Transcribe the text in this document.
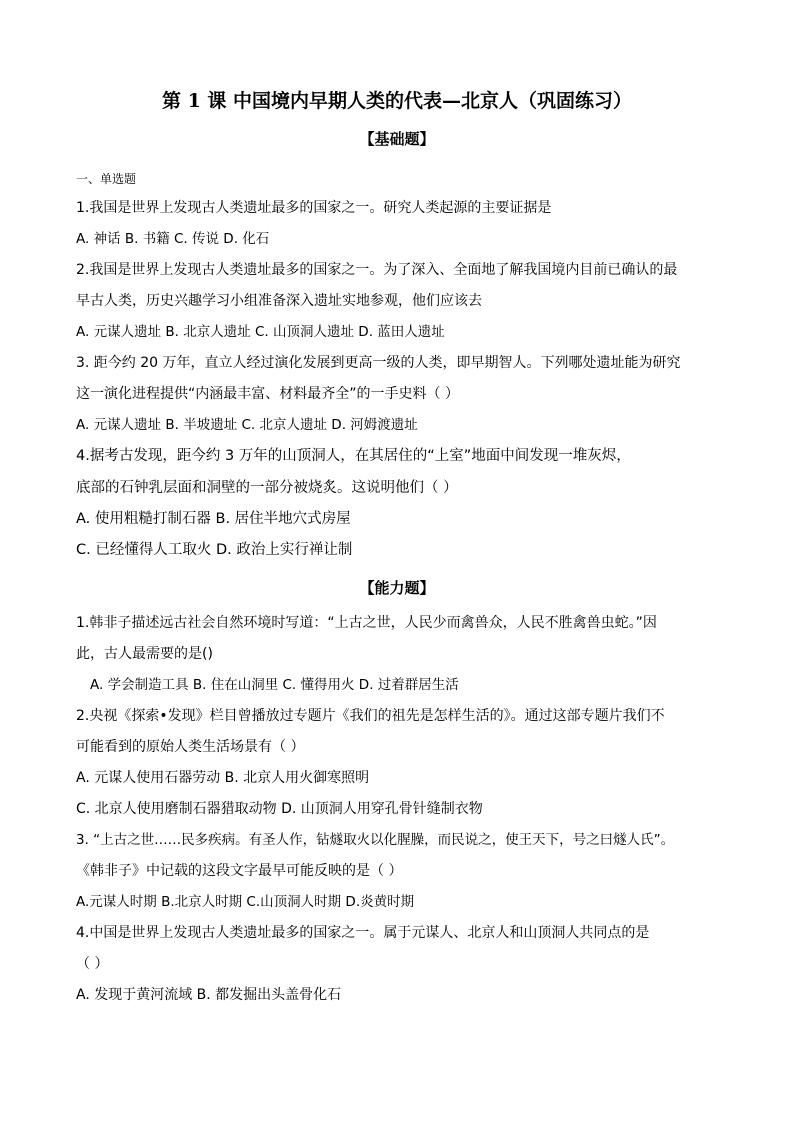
第 1 课 中国境内早期人类的代表—北京人（巩固练习）
【基础题】
一、单选题
1.我国是世界上发现古人类遗址最多的国家之一。研究人类起源的主要证据是
A. 神话 B. 书籍 C. 传说 D. 化石
2.我国是世界上发现古人类遗址最多的国家之一。为了深入、全面地了解我国境内目前已确认的最
早古人类，历史兴趣学习小组准备深入遗址实地参观，他们应该去
A. 元谋人遗址 B. 北京人遗址 C. 山顶洞人遗址 D. 蓝田人遗址
3. 距今约 20 万年，直立人经过演化发展到更高一级的人类，即早期智人。下列哪处遗址能为研究
这一演化进程提供“内涵最丰富、材料最齐全”的一手史料（ ）
A. 元谋人遗址 B. 半坡遗址 C. 北京人遗址 D. 河姆渡遗址
4.据考古发现，距今约 3 万年的山顶洞人，在其居住的“上室”地面中间发现一堆灰烬，
底部的石钟乳层面和洞壁的一部分被烧炙。这说明他们（ ）
A. 使用粗糙打制石器 B. 居住半地穴式房屋
C. 已经懂得人工取火 D. 政治上实行禅让制
【能力题】
1.韩非子描述远古社会自然环境时写道：“上古之世，人民少而禽兽众，人民不胜禽兽虫蛇。”因
此，古人最需要的是()
A. 学会制造工具 B. 住在山洞里 C. 懂得用火 D. 过着群居生活
2.央视《探索•发现》栏目曾播放过专题片《我们的祖先是怎样生活的》。通过这部专题片我们不
可能看到的原始人类生活场景有（ ）
A. 元谋人使用石器劳动 B. 北京人用火御寒照明
C. 北京人使用磨制石器猎取动物 D. 山顶洞人用穿孔骨针缝制衣物
3. “上古之世……民多疾病。有圣人作，钻燧取火以化腥臊，而民说之，使王天下，号之曰燧人氏”。
《韩非子》中记载的这段文字最早可能反映的是（ ）
A.元谋人时期 B.北京人时期 C.山顶洞人时期 D.炎黄时期
4.中国是世界上发现古人类遗址最多的国家之一。属于元谋人、北京人和山顶洞人共同点的是
（ ）
A. 发现于黄河流域 B. 都发掘出头盖骨化石
